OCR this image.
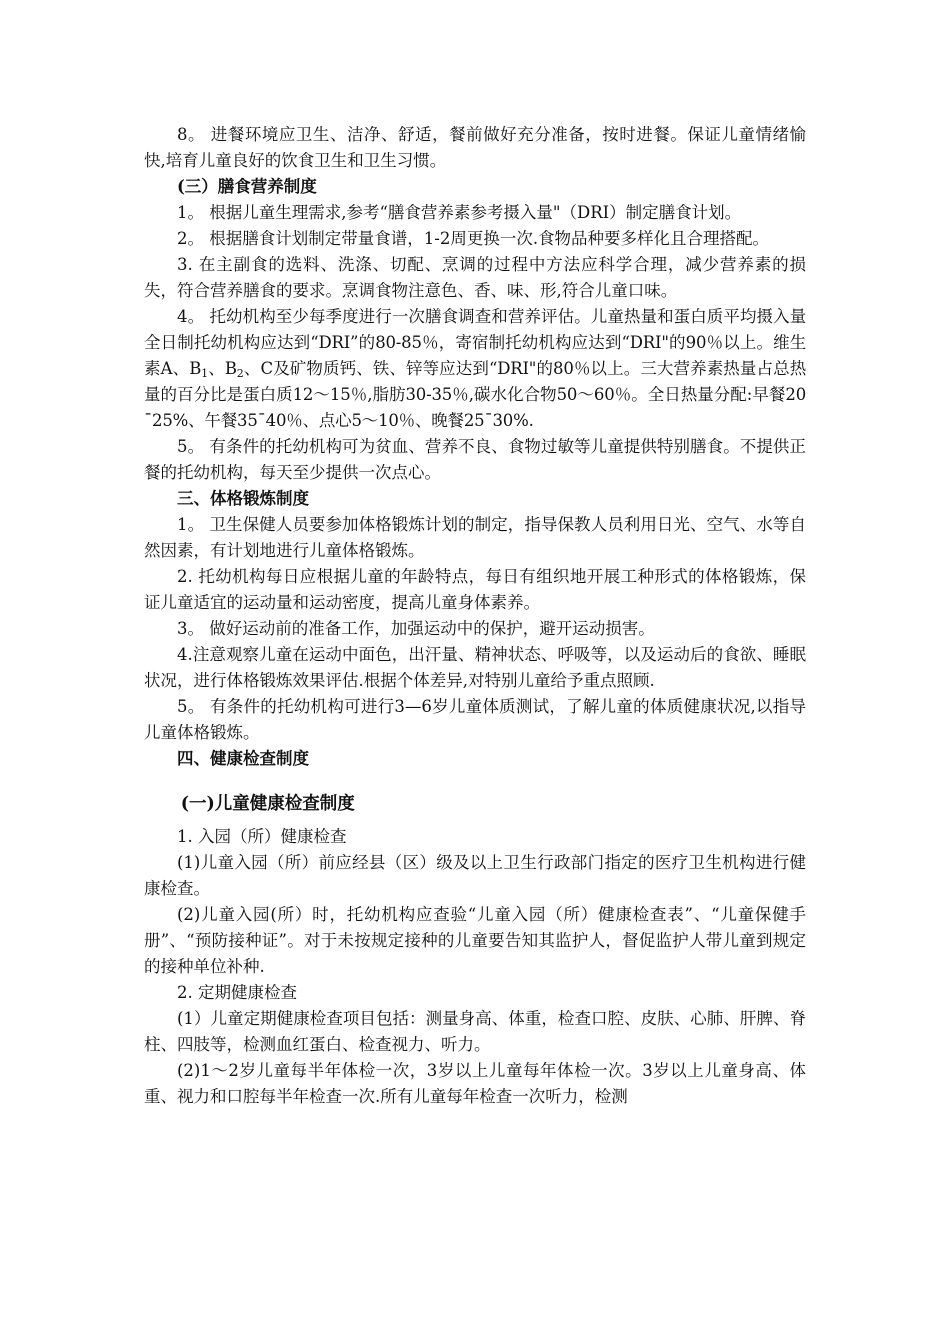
8。 进餐环境应卫生、洁净、舒适，餐前做好充分准备，按时进餐。保证儿童情绪愉快,培育儿童良好的饮食卫生和卫生习惯。

(三）膳食营养制度

1。 根据儿童生理需求,参考“膳食营养素参考摄入量"（DRI）制定膳食计划。

2。 根据膳食计划制定带量食谱，1-2周更换一次.食物品种要多样化且合理搭配。

3. 在主副食的选料、洗涤、切配、烹调的过程中方法应科学合理，减少营养素的损失，符合营养膳食的要求。烹调食物注意色、香、味、形,符合儿童口味。

4。 托幼机构至少每季度进行一次膳食调查和营养评估。儿童热量和蛋白质平均摄入量全日制托幼机构应达到“DRI”的80-85％，寄宿制托幼机构应达到“DRI"的90％以上。维生素A、$B_1$、$B_2$、C及矿物质钙、铁、锌等应达到“DRI"的80％以上。三大营养素热量占总热量的百分比是蛋白质12～15％,脂肪30-35％,碳水化合物50～60％。全日热量分配:早餐20¯25%、午餐35¯40％、点心5～10％、晚餐25¯30%.

5。 有条件的托幼机构可为贫血、营养不良、食物过敏等儿童提供特别膳食。不提供正餐的托幼机构，每天至少提供一次点心。

三、体格锻炼制度

1。 卫生保健人员要参加体格锻炼计划的制定，指导保教人员利用日光、空气、水等自然因素，有计划地进行儿童体格锻炼。

2. 托幼机构每日应根据儿童的年龄特点，每日有组织地开展工种形式的体格锻炼，保证儿童适宜的运动量和运动密度，提高儿童身体素养。

3。 做好运动前的准备工作，加强运动中的保护，避开运动损害。

4.注意观察儿童在运动中面色，出汗量、精神状态、呼吸等，以及运动后的食欲、睡眠状况，进行体格锻炼效果评估.根据个体差异,对特别儿童给予重点照顾.

5。 有条件的托幼机构可进行3—6岁儿童体质测试，了解儿童的体质健康状况,以指导儿童体格锻炼。

四、健康检查制度

(一)儿童健康检查制度

1. 入园（所）健康检查

(1)儿童入园（所）前应经县（区）级及以上卫生行政部门指定的医疗卫生机构进行健康检查。

(2)儿童入园(所）时，托幼机构应查验“儿童入园（所）健康检查表”、“儿童保健手册”、“预防接种证”。对于未按规定接种的儿童要告知其监护人，督促监护人带儿童到规定的接种单位补种.

2. 定期健康检查

(1）儿童定期健康检查项目包括：测量身高、体重，检查口腔、皮肤、心肺、肝脾、脊柱、四肢等，检测血红蛋白、检查视力、听力。

(2)1～2岁儿童每半年体检一次，3岁以上儿童每年体检一次。3岁以上儿童身高、体重、视力和口腔每半年检查一次.所有儿童每年检查一次听力，检测
